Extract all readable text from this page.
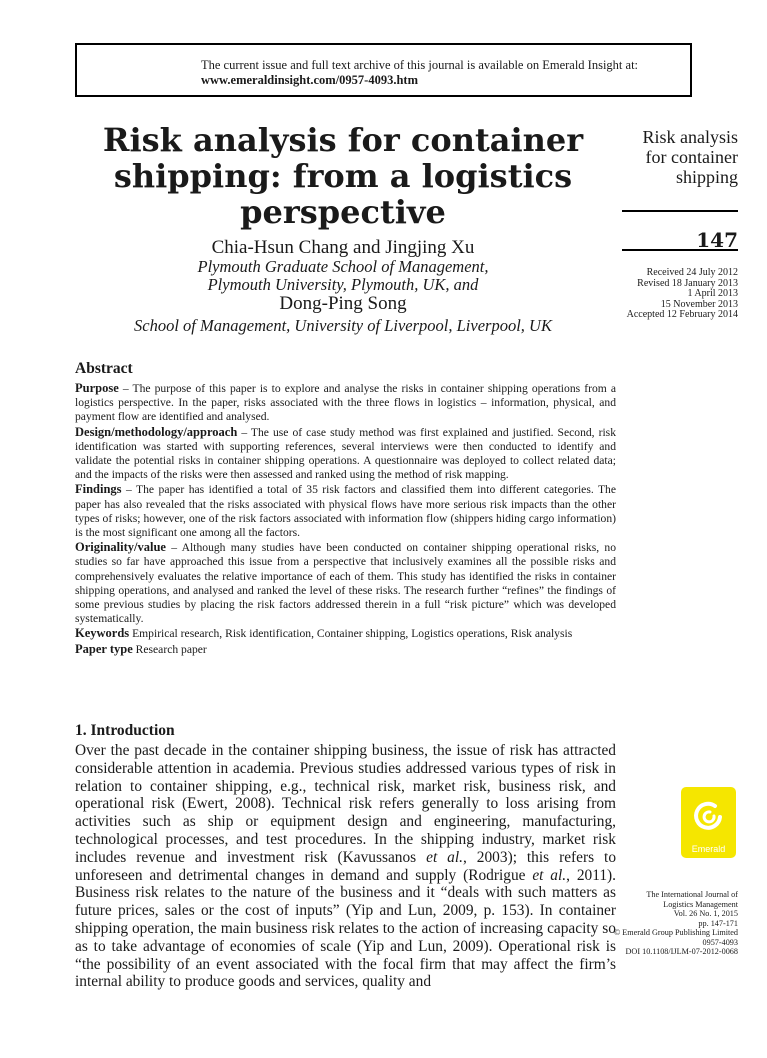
The current issue and full text archive of this journal is available on Emerald Insight at:
www.emeraldinsight.com/0957-4093.htm
Risk analysis for container
shipping: from a logistics
perspective
Chia-Hsun Chang and Jingjing Xu
Plymouth Graduate School of Management,
Plymouth University, Plymouth, UK, and
Dong-Ping Song
School of Management, University of Liverpool, Liverpool, UK
Risk analysis
for container
shipping
147
Received 24 July 2012
Revised 18 January 2013
1 April 2013
15 November 2013
Accepted 12 February 2014
Abstract

Purpose – The purpose of this paper is to explore and analyse the risks in container shipping operations from a logistics perspective. In the paper, risks associated with the three flows in logistics – information, physical, and payment flow are identified and analysed.

Design/methodology/approach – The use of case study method was first explained and justified. Second, risk identification was started with supporting references, several interviews were then conducted to identify and validate the potential risks in container shipping operations. A questionnaire was deployed to collect related data; and the impacts of the risks were then assessed and ranked using the method of risk mapping.

Findings – The paper has identified a total of 35 risk factors and classified them into different categories. The paper has also revealed that the risks associated with physical flows have more serious risk impacts than the other types of risks; however, one of the risk factors associated with information flow (shippers hiding cargo information) is the most significant one among all the factors.

Originality/value – Although many studies have been conducted on container shipping operational risks, no studies so far have approached this issue from a perspective that inclusively examines all the possible risks and comprehensively evaluates the relative importance of each of them. This study has identified the risks in container shipping operations, and analysed and ranked the level of these risks. The research further “refines” the findings of some previous studies by placing the risk factors addressed therein in a full “risk picture” which was developed systematically.

Keywords Empirical research, Risk identification, Container shipping, Logistics operations, Risk analysis

Paper type Research paper

1. Introduction

Over the past decade in the container shipping business, the issue of risk has attracted considerable attention in academia. Previous studies addressed various types of risk in relation to container shipping, e.g., technical risk, market risk, business risk, and operational risk (Ewert, 2008). Technical risk refers generally to loss arising from activities such as ship or equipment design and engineering, manufacturing, technological processes, and test procedures. In the shipping industry, market risk includes revenue and investment risk (Kavussanos et al., 2003); this refers to unforeseen and detrimental changes in demand and supply (Rodrigue et al., 2011). Business risk relates to the nature of the business and it “deals with such matters as future prices, sales or the cost of inputs” (Yip and Lun, 2009, p. 153). In container shipping operation, the main business risk relates to the action of increasing capacity so as to take advantage of economies of scale (Yip and Lun, 2009). Operational risk is “the possibility of an event associated with the focal firm that may affect the firm’s internal ability to produce goods and services, quality and

Emerald
The International Journal of
Logistics Management
Vol. 26 No. 1, 2015
pp. 147-171
© Emerald Group Publishing Limited
0957-4093
DOI 10.1108/IJLM-07-2012-0068
